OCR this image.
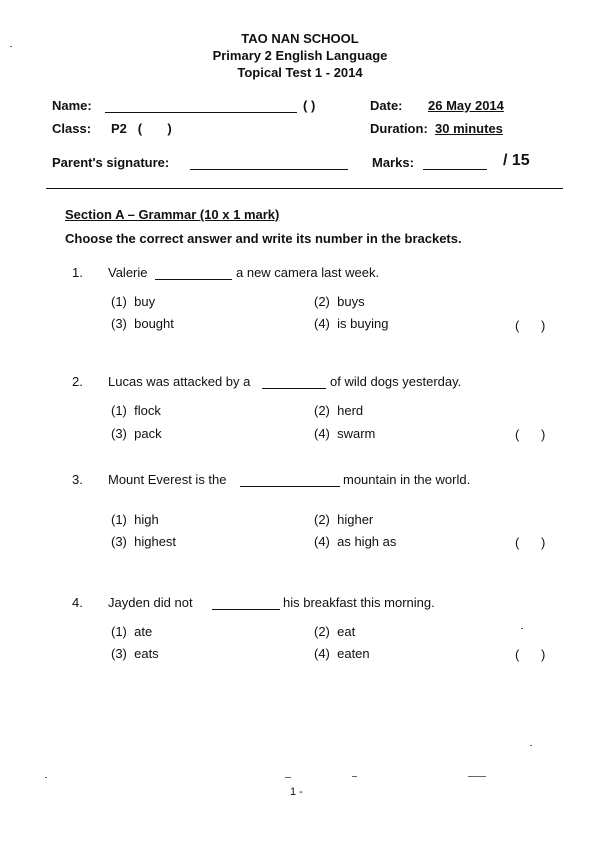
TAO NAN SCHOOL
Primary 2 English Language
Topical Test 1 - 2014
Name:	( )	Date: 26 May 2014
Class: P2   (       )	Duration: 30 minutes
Parent's signature:	Marks:	/ 15
Section A – Grammar (10 x 1 mark)
Choose the correct answer and write its number in the brackets.
1. Valerie	a new camera last week.
(1)  buy	(2)  buys
(3)  bought	(4)  is buying	(      )
2. Lucas was attacked by a	of wild dogs yesterday.
(1)  flock	(2)  herd
(3)  pack	(4)  swarm	(      )
3. Mount Everest is the	mountain in the world.
(1)  high	(2)  higher
(3)  highest	(4)  as high as	(      )
4. Jayden did not	his breakfast this morning.
(1)  ate	(2)  eat
(3)  eats	(4)  eaten	(      )
1 -
